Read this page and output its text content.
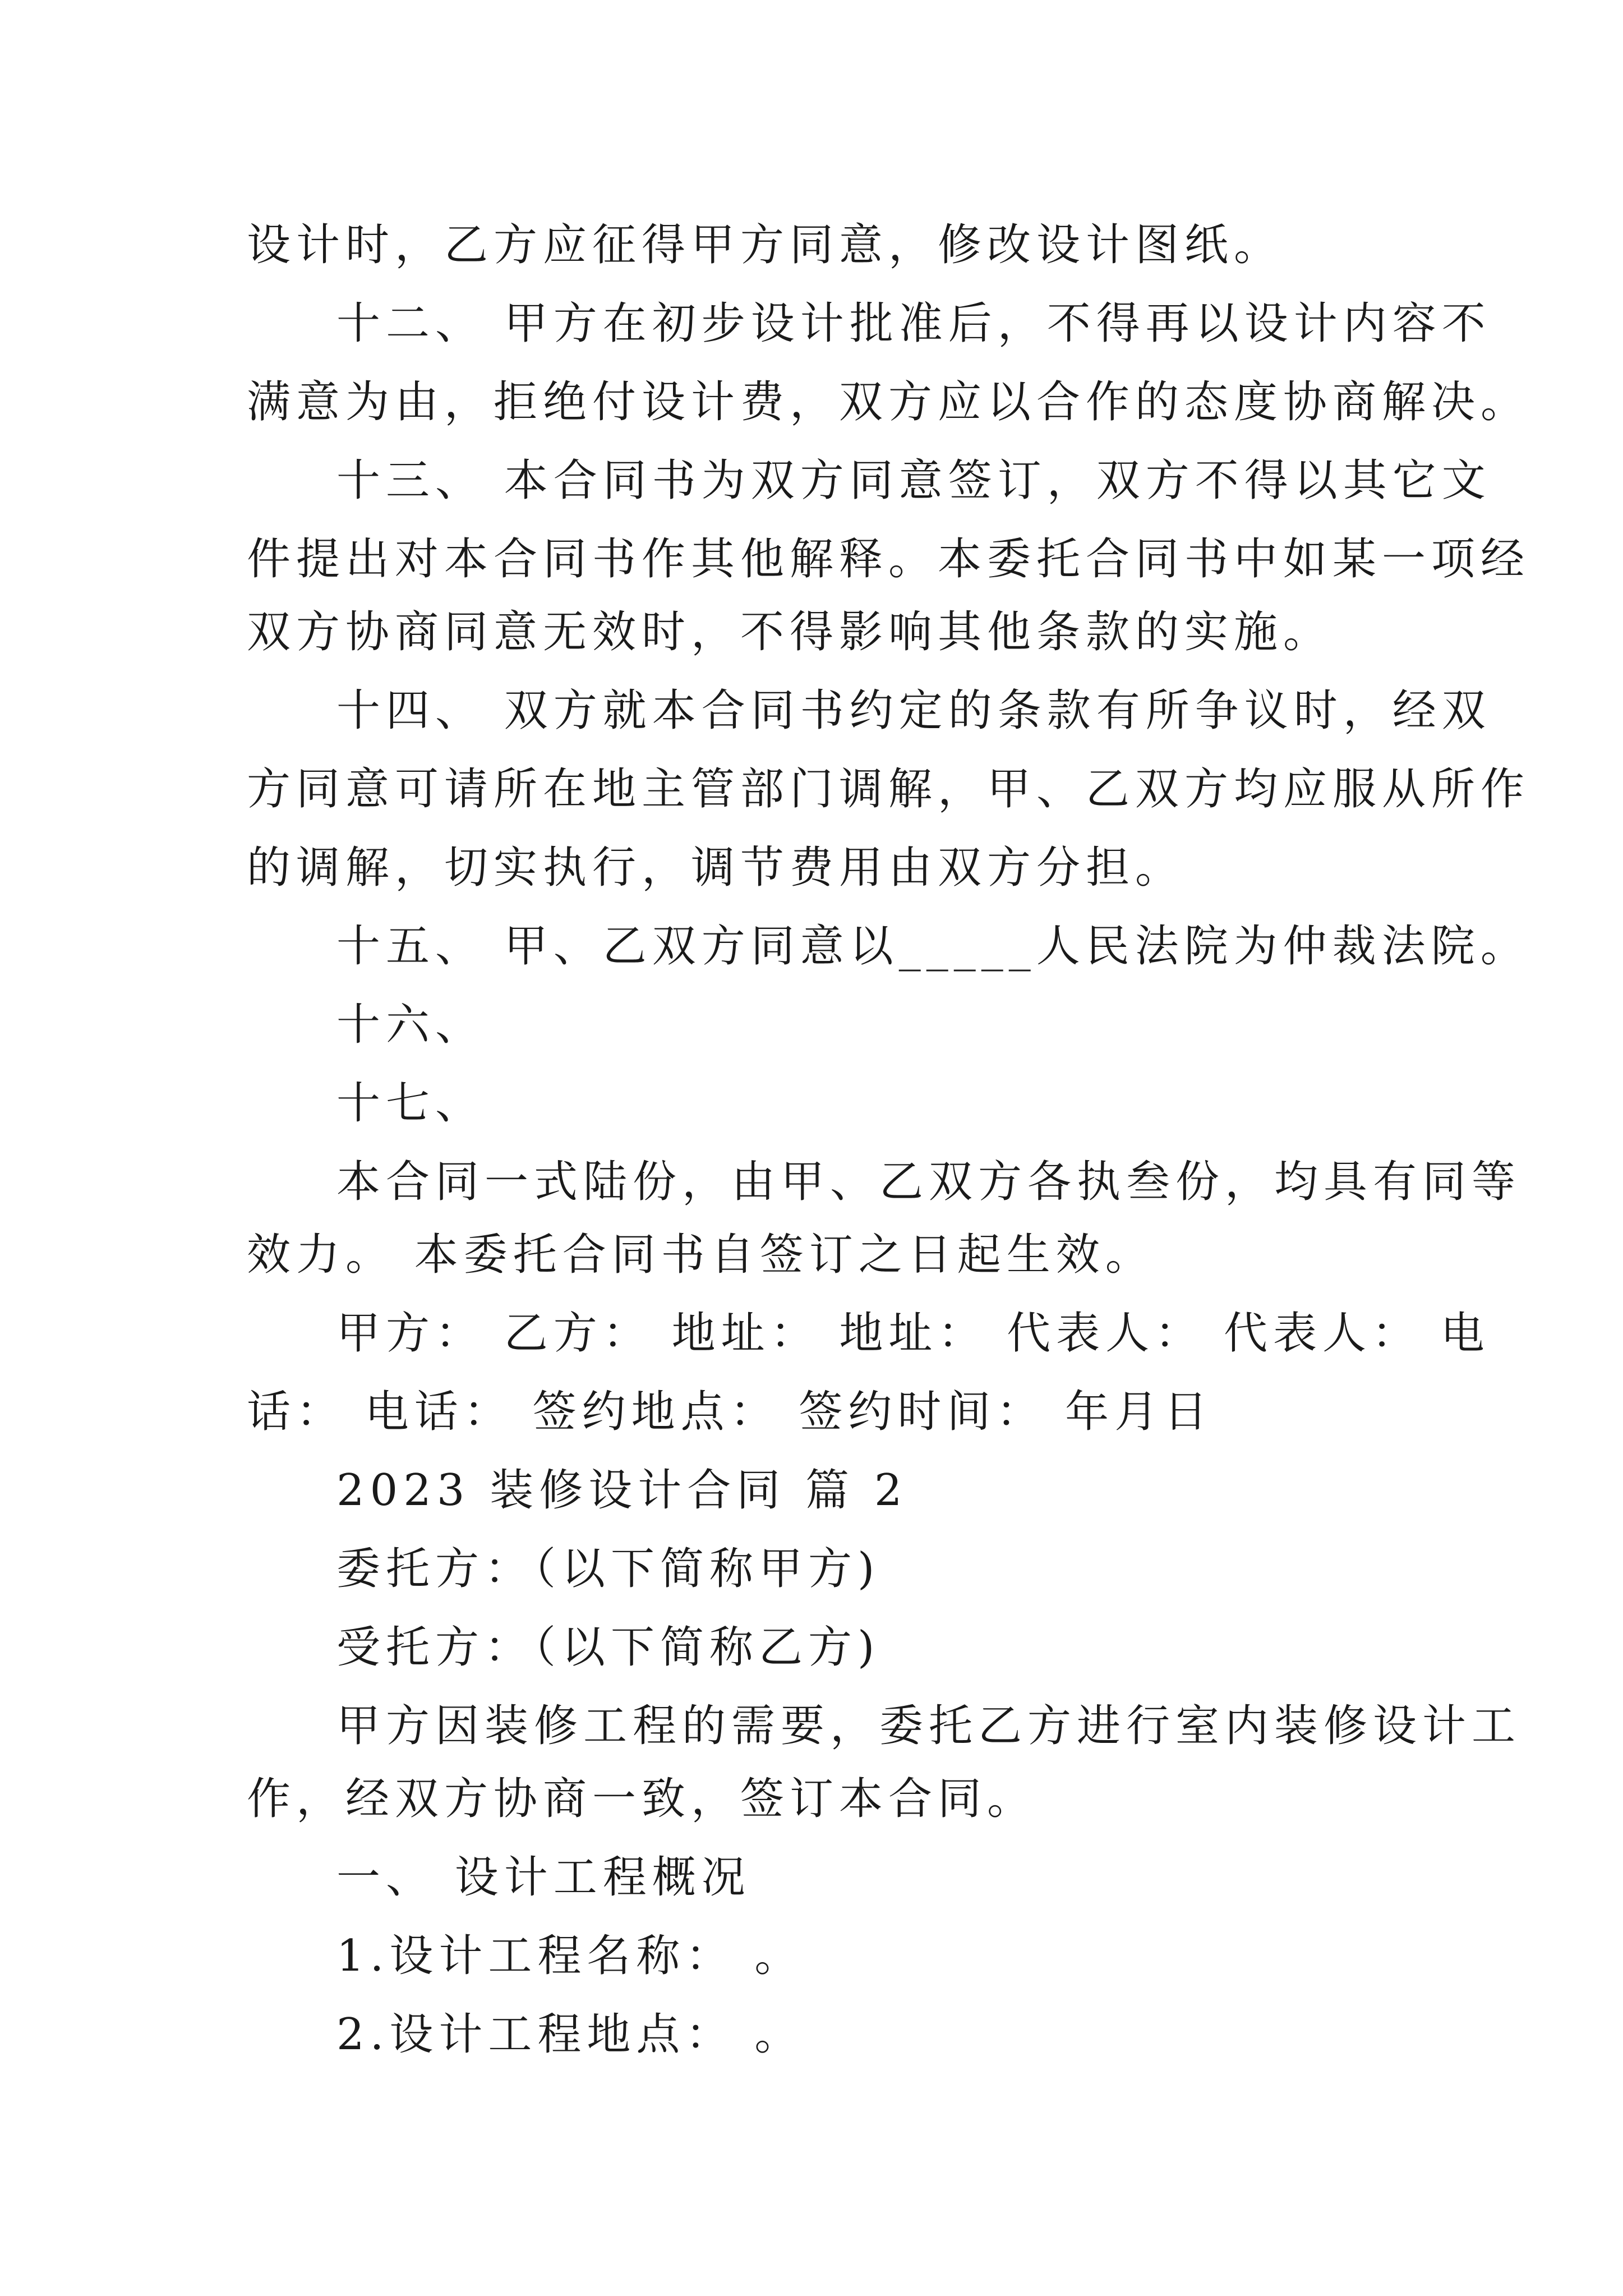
设计时，乙方应征得甲方同意，修改设计图纸。
十二、 甲方在初步设计批准后，不得再以设计内容不
满意为由，拒绝付设计费，双方应以合作的态度协商解决。
十三、 本合同书为双方同意签订，双方不得以其它文
件提出对本合同书作其他解释。本委托合同书中如某一项经
双方协商同意无效时，不得影响其他条款的实施。
十四、 双方就本合同书约定的条款有所争议时，经双
方同意可请所在地主管部门调解，甲、乙双方均应服从所作
的调解，切实执行，调节费用由双方分担。
十五、 甲、乙双方同意以_____人民法院为仲裁法院。
十六、
十七、
本合同一式陆份，由甲、乙双方各执叁份，均具有同等
效力。 本委托合同书自签订之日起生效。
甲方： 乙方： 地址： 地址： 代表人： 代表人： 电
话： 电话： 签约地点： 签约时间： 年月日
2023 装修设计合同 篇 2
委托方：（以下简称甲方)
受托方：（以下简称乙方)
甲方因装修工程的需要，委托乙方进行室内装修设计工
作，经双方协商一致，签订本合同。
一、 设计工程概况
1.设计工程名称： 。
2.设计工程地点： 。
